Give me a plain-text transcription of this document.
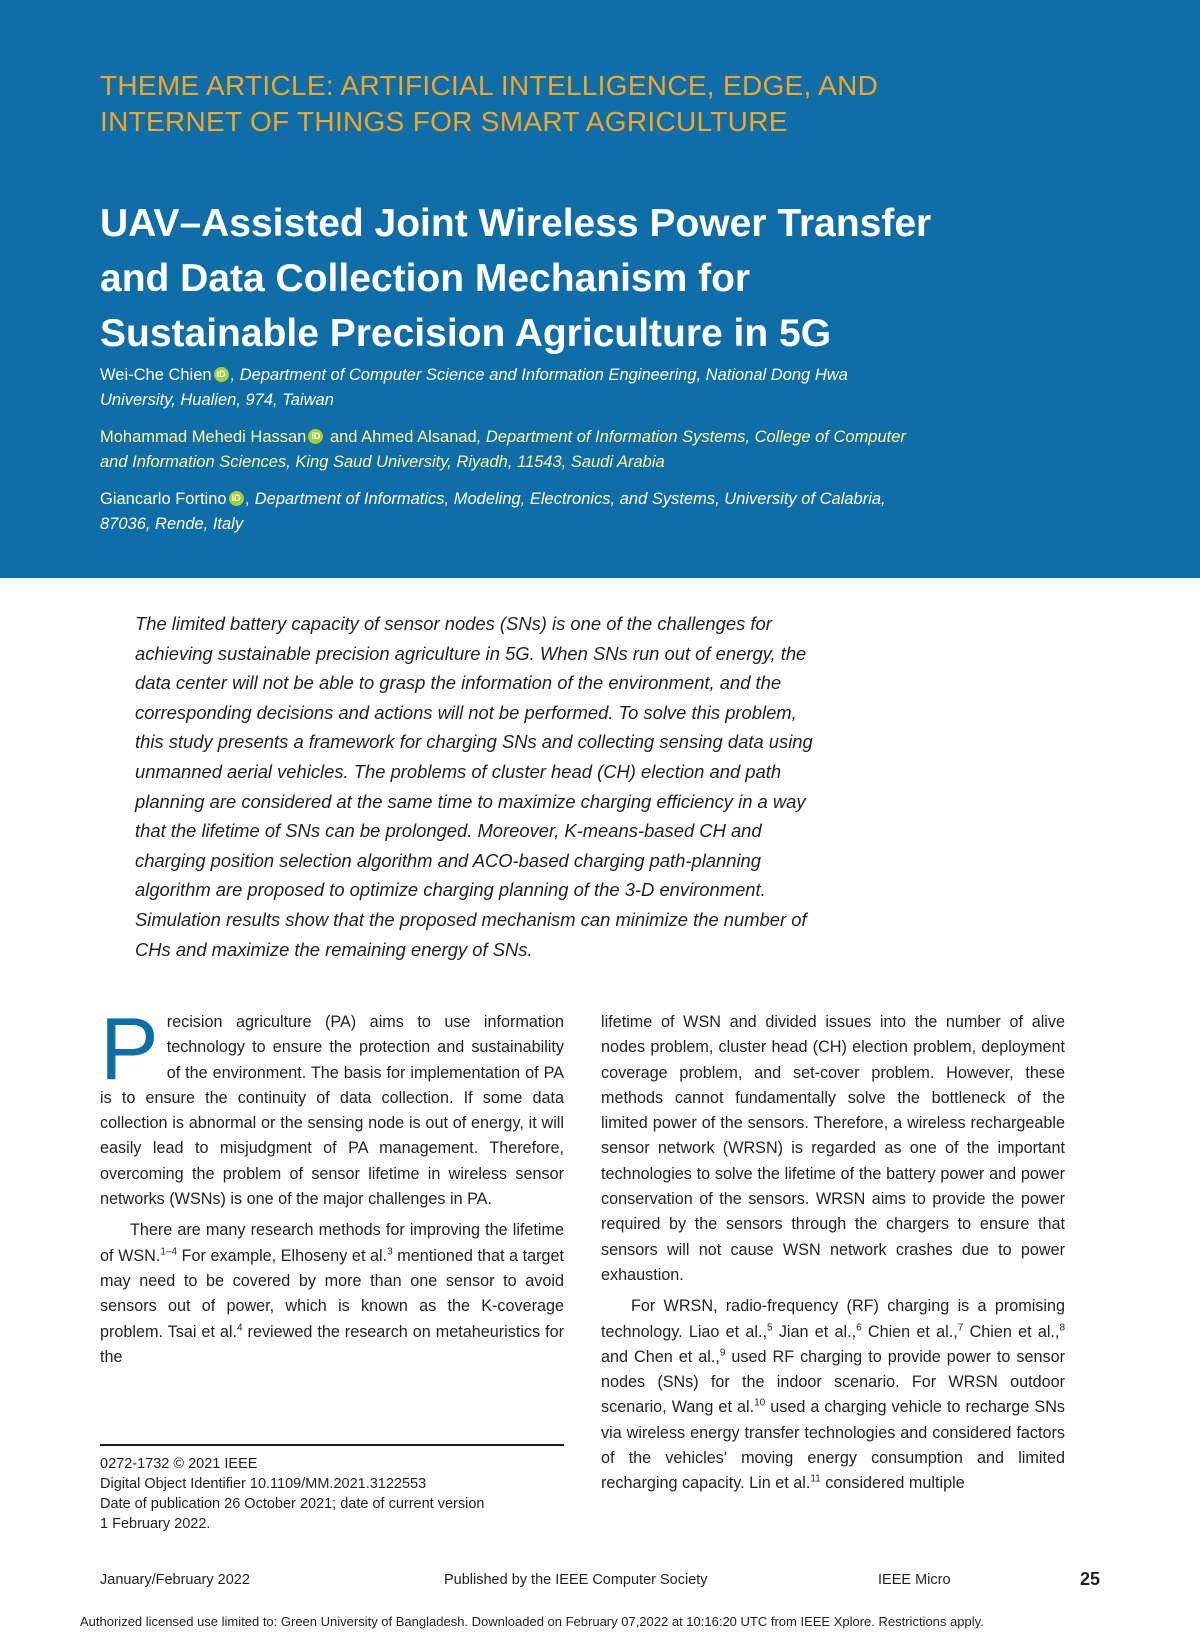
THEME ARTICLE: ARTIFICIAL INTELLIGENCE, EDGE, AND
INTERNET OF THINGS FOR SMART AGRICULTURE
UAV–Assisted Joint Wireless Power Transfer
and Data Collection Mechanism for
Sustainable Precision Agriculture in 5G
Wei-Che Chien iD , Department of Computer Science and Information Engineering, National Dong Hwa
University, Hualien, 974, Taiwan
Mohammad Mehedi Hassan iD and Ahmed Alsanad, Department of Information Systems, College of Computer
and Information Sciences, King Saud University, Riyadh, 11543, Saudi Arabia
Giancarlo Fortino iD , Department of Informatics, Modeling, Electronics, and Systems, University of Calabria,
87036, Rende, Italy
The limited battery capacity of sensor nodes (SNs) is one of the challenges for
achieving sustainable precision agriculture in 5G. When SNs run out of energy, the
data center will not be able to grasp the information of the environment, and the
corresponding decisions and actions will not be performed. To solve this problem,
this study presents a framework for charging SNs and collecting sensing data using
unmanned aerial vehicles. The problems of cluster head (CH) election and path
planning are considered at the same time to maximize charging efficiency in a way
that the lifetime of SNs can be prolonged. Moreover, K-means-based CH and
charging position selection algorithm and ACO-based charging path-planning
algorithm are proposed to optimize charging planning of the 3-D environment.
Simulation results show that the proposed mechanism can minimize the number of
CHs and maximize the remaining energy of SNs.

Precision agriculture (PA) aims to use information technology to ensure the protection and sustainability of the environment. The basis for implementation of PA is to ensure the continuity of data collection. If some data collection is abnormal or the sensing node is out of energy, it will easily lead to misjudgment of PA management. Therefore, overcoming the problem of sensor lifetime in wireless sensor networks (WSNs) is one of the major challenges in PA.

There are many research methods for improving the lifetime of WSN.$^{1-4}$ For example, Elhoseny et al.$^3$ mentioned that a target may need to be covered by more than one sensor to avoid sensors out of power, which is known as the K-coverage problem. Tsai et al.$^4$ reviewed the research on metaheuristics for the

lifetime of WSN and divided issues into the number of alive nodes problem, cluster head (CH) election problem, deployment coverage problem, and set-cover problem. However, these methods cannot fundamentally solve the bottleneck of the limited power of the sensors. Therefore, a wireless rechargeable sensor network (WRSN) is regarded as one of the important technologies to solve the lifetime of the battery power and power conservation of the sensors. WRSN aims to provide the power required by the sensors through the chargers to ensure that sensors will not cause WSN network crashes due to power exhaustion.

For WRSN, radio-frequency (RF) charging is a promising technology. Liao et al.,$^5$ Jian et al.,$^6$ Chien et al.,$^7$ Chien et al.,$^8$ and Chen et al.,$^9$ used RF charging to provide power to sensor nodes (SNs) for the indoor scenario. For WRSN outdoor scenario, Wang et al.$^{10}$ used a charging vehicle to recharge SNs via wireless energy transfer technologies and considered factors of the vehicles' moving energy consumption and limited recharging capacity. Lin et al.$^{11}$ considered multiple

0272-1732 © 2021 IEEE
Digital Object Identifier 10.1109/MM.2021.3122553
Date of publication 26 October 2021; date of current version
1 February 2022.
January/February 2022	Published by the IEEE Computer Society	IEEE Micro	25
Authorized licensed use limited to: Green University of Bangladesh. Downloaded on February 07,2022 at 10:16:20 UTC from IEEE Xplore. Restrictions apply.
